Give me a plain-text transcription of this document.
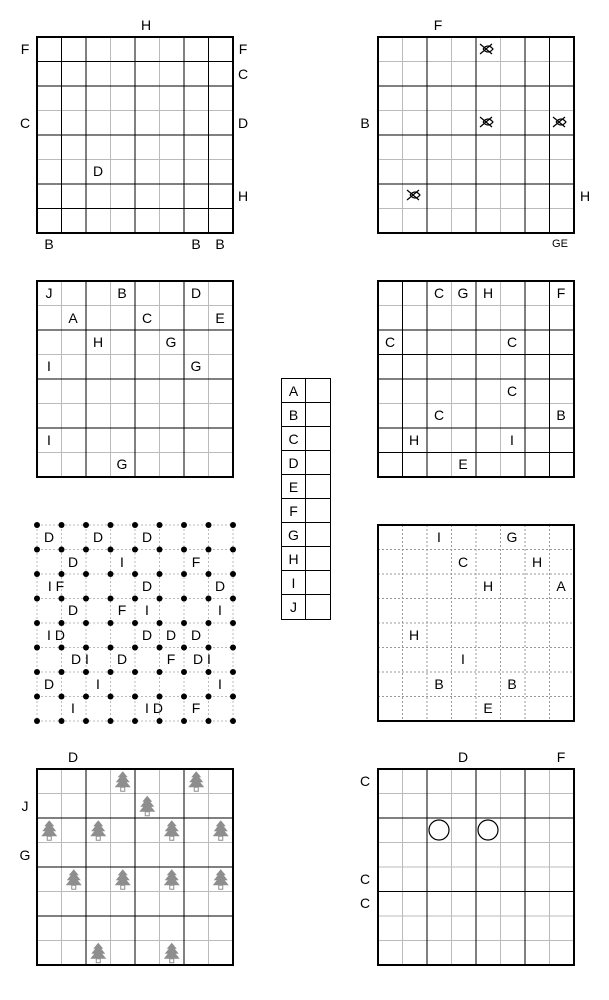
D
H
F	F
C
C	D
H
B	B	B
F
B
H
GE
J	B	D
A	C	E
H	G
I	G
I
G
C G	H	F
C	C
C
C	B
H	I
E
A
B
C
D
E
F
G
H
I
J
D	D	D
D	I	F
I F	D	D
D	F	I	I
I D	D D	D
D I	D	F	D I
D	I	I
I	I D	F
I	G
C	H
H	A
H
I
B	B
E
D
J
G
D	F
C
C
C
